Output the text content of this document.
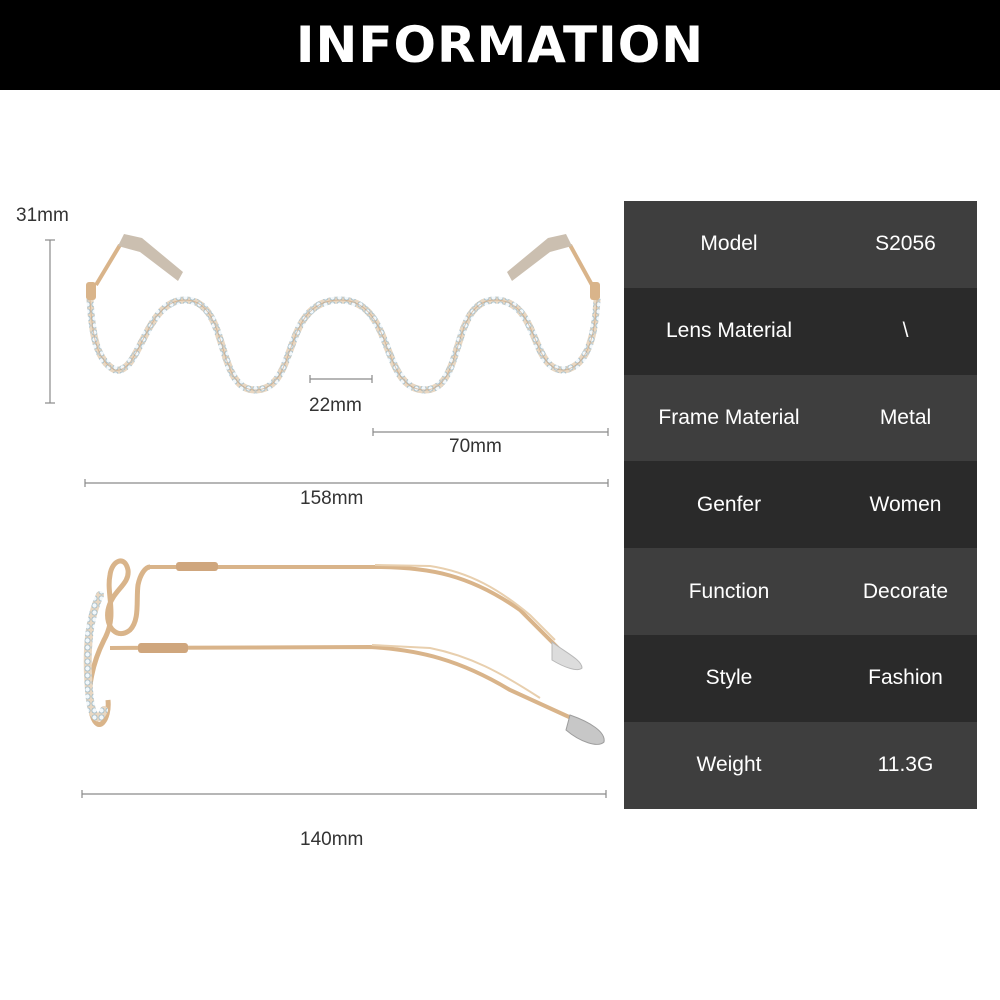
INFORMATION
31mm
22mm
70mm
158mm
140mm
Model	S2056
Lens Material	\
Frame Material	Metal
Genfer	Women
Function	Decorate
Style	Fashion
Weight	11.3G
